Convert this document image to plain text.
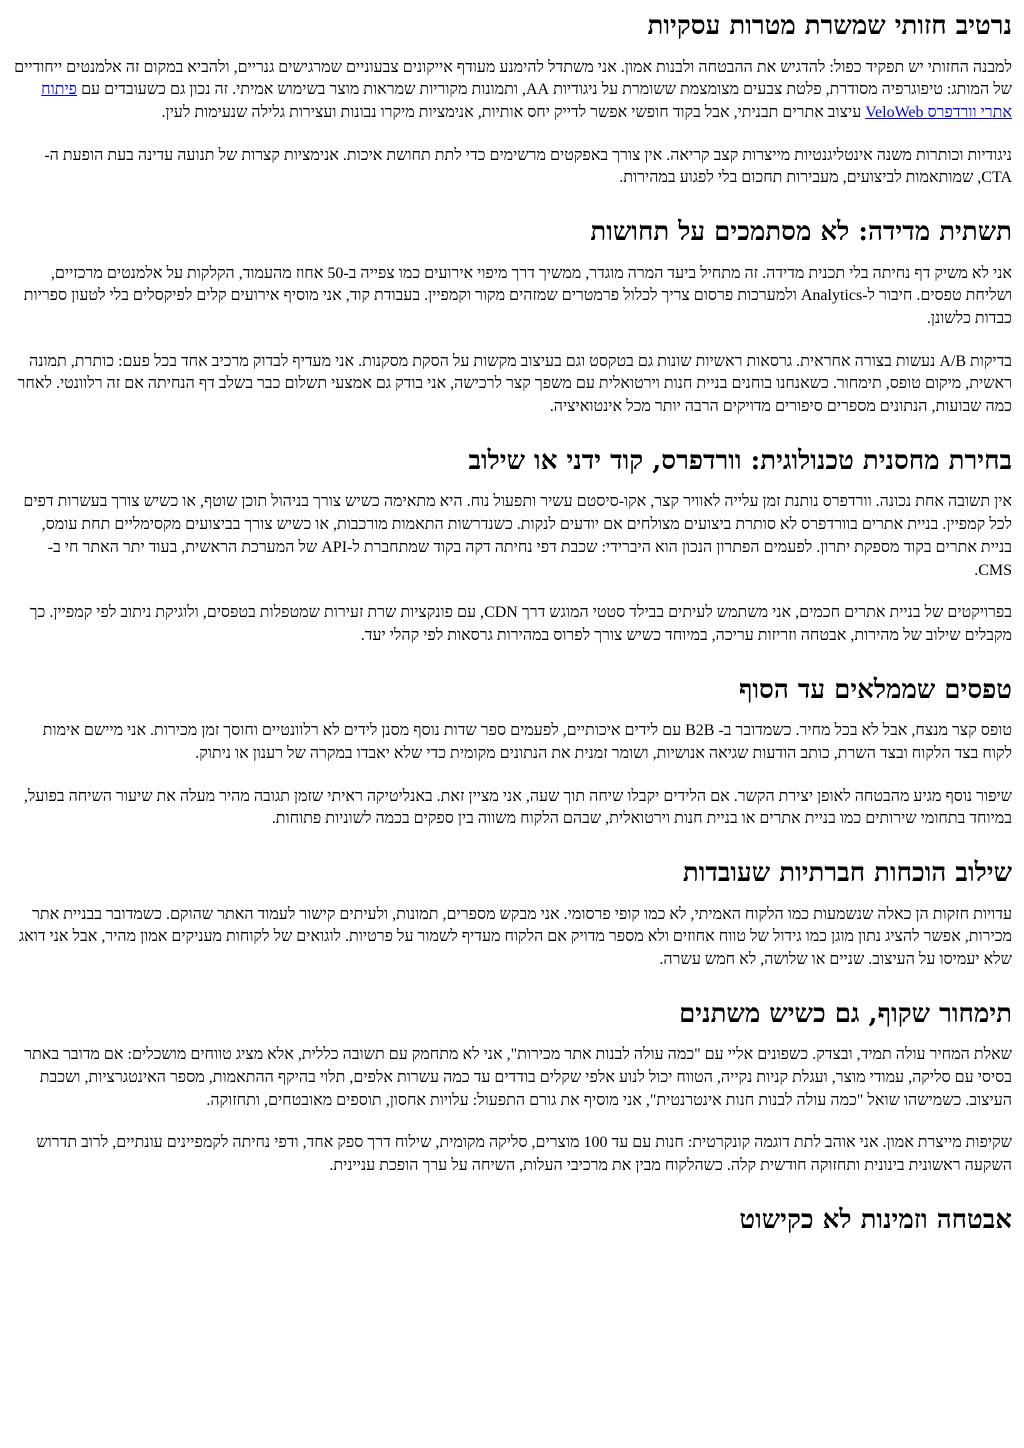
נרטיב חזותי שמשרת מטרות עסקיות

למבנה החזותי יש תפקיד כפול: להדגיש את ההבטחה ולבנות אמון. אני משתדל להימנע מעודף אייקונים צבעוניים שמרגישים גנריים, ולהביא במקום זה אלמנטים ייחודיים של המותג: טיפוגרפיה מסודרת, פלטת צבעים מצומצמת ששומרת על ניגודיות AA, ותמונות מקוריות שמראות מוצר בשימוש אמיתי. זה נכון גם כשעובדים עם פיתוח אתרי וורדפרס VeloWeb עיצוב אתרים תבניתי, אבל בקוד חופשי אפשר לדייק יחס אותיות, אנימציות מיקרו נבונות ועצירות גלילה שנעימות לעין.

ניגודיות וכותרות משנה אינטליגנטיות מייצרות קצב קריאה. אין צורך באפקטים מרשימים כדי לתת תחושת איכות. אנימציות קצרות של תנועה עדינה בעת הופעת ה-CTA, שמותאמות לביצועים, מעבירות תחכום בלי לפגוע במהירות.

תשתית מדידה: לא מסתמכים על תחושות

אני לא משיק דף נחיתה בלי תכנית מדידה. זה מתחיל ביעד המרה מוגדר, ממשיך דרך מיפוי אירועים כמו צפייה ב-50 אחוז מהעמוד, הקלקות על אלמנטים מרכזיים, ושליחת טפסים. חיבור ל-Analytics ולמערכות פרסום צריך לכלול פרמטרים שמזהים מקור וקמפיין. בעבודת קוד, אני מוסיף אירועים קלים לפיקסלים בלי לטעון ספריות כבדות כלשונן.

בדיקות A/B נעשות בצורה אחראית. גרסאות ראשיות שונות גם בטקסט וגם בעיצוב מקשות על הסקת מסקנות. אני מעדיף לבדוק מרכיב אחד בכל פעם: כותרת, תמונה ראשית, מיקום טופס, תימחור. כשאנחנו בוחנים בניית חנות וירטואלית עם משפך קצר לרכישה, אני בודק גם אמצעי תשלום כבר בשלב דף הנחיתה אם זה רלוונטי. לאחר כמה שבועות, הנתונים מספרים סיפורים מדויקים הרבה יותר מכל אינטואיציה.

בחירת מחסנית טכנולוגית: וורדפרס, קוד ידני או שילוב

אין תשובה אחת נכונה. וורדפרס נותנת זמן עלייה לאוויר קצר, אקו-סיסטם עשיר ותפעול נוח. היא מתאימה כשיש צורך בניהול תוכן שוטף, או כשיש צורך בעשרות דפים לכל קמפיין. בניית אתרים בוורדפרס לא סותרת ביצועים מצולחים אם יודעים לנקות. כשנדרשות התאמות מורכבות, או כשיש צורך בביצועים מקסימליים תחת עומס, בניית אתרים בקוד מספקת יתרון. לפעמים הפתרון הנכון הוא היברידי: שכבת דפי נחיתה דקה בקוד שמתחברת ל-API של המערכת הראשית, בעוד יתר האתר חי ב-CMS.

בפרויקטים של בניית אתרים חכמים, אני משתמש לעיתים בבילד סטטי המוגש דרך CDN, עם פונקציות שרת זעירות שמטפלות בטפסים, ולוגיקת ניתוב לפי קמפיין. כך מקבלים שילוב של מהירות, אבטחה וזריזות עריכה, במיוחד כשיש צורך לפרוס במהירות גרסאות לפי קהלי יעד.

טפסים שממלאים עד הסוף

טופס קצר מנצח, אבל לא בכל מחיר. כשמדובר ב- B2B עם לידים איכותיים, לפעמים ספר שדות נוסף מסנן לידים לא רלוונטיים וחוסך זמן מכירות. אני מיישם אימות לקוח בצד הלקוח ובצד השרת, כותב הודעות שגיאה אנושיות, ושומר זמנית את הנתונים מקומית כדי שלא יאבדו במקרה של רענון או ניתוק.

שיפור נוסף מגיע מהבטחה לאופן יצירת הקשר. אם הלידים יקבלו שיחה תוך שעה, אני מציין זאת. באנליטיקה ראיתי שזמן תגובה מהיר מעלה את שיעור השיחה בפועל, במיוחד בתחומי שירותים כמו בניית אתרים או בניית חנות וירטואלית, שבהם הלקוח משווה בין ספקים בכמה לשוניות פתוחות.

שילוב הוכחות חברתיות שעובדות

עדויות חזקות הן כאלה שנשמעות כמו הלקוח האמיתי, לא כמו קופי פרסומי. אני מבקש מספרים, תמונות, ולעיתים קישור לעמוד האתר שהוקם. כשמדובר בבניית אתר מכירות, אפשר להציג נתון מוגן כמו גידול של טווח אחוזים ולא מספר מדויק אם הלקוח מעדיף לשמור על פרטיות. לוגואים של לקוחות מעניקים אמון מהיר, אבל אני דואג שלא יעמיסו על העיצוב. שניים או שלושה, לא חמש עשרה.

תימחור שקוף, גם כשיש משתנים

שאלת המחיר עולה תמיד, ובצדק. כשפונים אליי עם "כמה עולה לבנות אתר מכירות", אני לא מתחמק עם תשובה כללית, אלא מציג טווחים מושכלים: אם מדובר באתר בסיסי עם סליקה, עמודי מוצר, ועגלת קניות נקייה, הטווח יכול לנוע אלפי שקלים בודדים עד כמה עשרות אלפים, תלוי בהיקף ההתאמות, מספר האינטגרציות, ושכבת העיצוב. כשמישהו שואל "כמה עולה לבנות חנות אינטרנטית", אני מוסיף את גורם התפעול: עלויות אחסון, תוספים מאובטחים, ותחזוקה.

שקיפות מייצרת אמון. אני אוהב לתת דוגמה קונקרטית: חנות עם עד 100 מוצרים, סליקה מקומית, שילוח דרך ספק אחד, ודפי נחיתה לקמפיינים עונתיים, לרוב תדרוש השקעה ראשונית בינונית ותחזוקה חודשית קלה. כשהלקוח מבין את מרכיבי העלות, השיחה על ערך הופכת עניינית.

אבטחה וזמינות לא כקישוט
